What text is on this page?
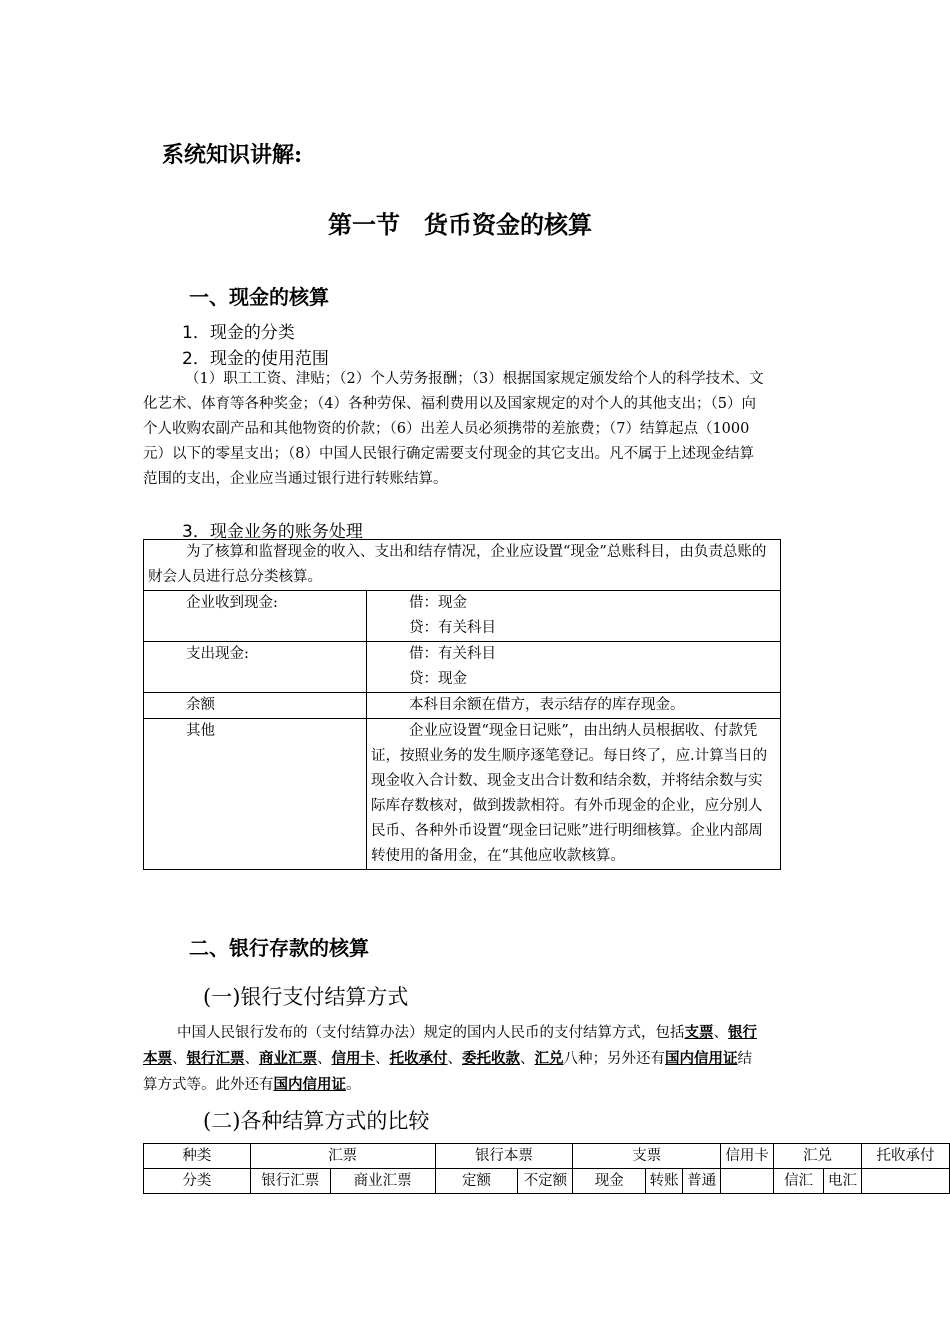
系统知识讲解:
第一节　货币资金的核算
一、现金的核算
1．现金的分类
2．现金的使用范围
（1）职工工资、津贴；（2）个人劳务报酬；（3）根据国家规定颁发给个人的科学技术、文化艺术、体育等各种奖金；（4）各种劳保、福利费用以及国家规定的对个人的其他支出；（5）向个人收购农副产品和其他物资的价款；（6）出差人员必须携带的差旅费；（7）结算起点（1000元）以下的零星支出；（8）中国人民银行确定需要支付现金的其它支出。凡不属于上述现金结算范围的支出，企业应当通过银行进行转账结算。
3．现金业务的账务处理
为了核算和监督现金的收入、支出和结存情况，企业应设置“现金”总账科目，由负责总账的财会人员进行总分类核算。	

企业收到现金:	借：现金
贷：有关科目

支出现金:	借：有关科目
贷：现金

余额	本科目余额在借方，表示结存的库存现金。
其他	企业应设置“现金日记账”，由出纳人员根据收、付款凭证，按照业务的发生顺序逐笔登记。每日终了，应.计算当日的现金收入合计数、现金支出合计数和结余数，并将结余数与实际库存数核对，做到拨款相符。有外币现金的企业，应分别人民币、各种外币设置“现金曰记账”进行明细核算。企业内部周转使用的备用金，在“其他应收款核算。
二、银行存款的核算
(一)银行支付结算方式
中国人民银行发布的（支付结算办法）规定的国内人民币的支付结算方式，包括支票、银行本票、银行汇票、商业汇票、信用卡、托收承付、委托收款、汇兑八种；另外还有国内信用证结算方式等。此外还有国内信用证。
(二)各种结算方式的比较
种类	汇票		银行本票		支票			信用卡	汇兑		托收承付
分类	银行汇票	商业汇票	定额	不定额	现金	转账	普通		信汇	电汇	
